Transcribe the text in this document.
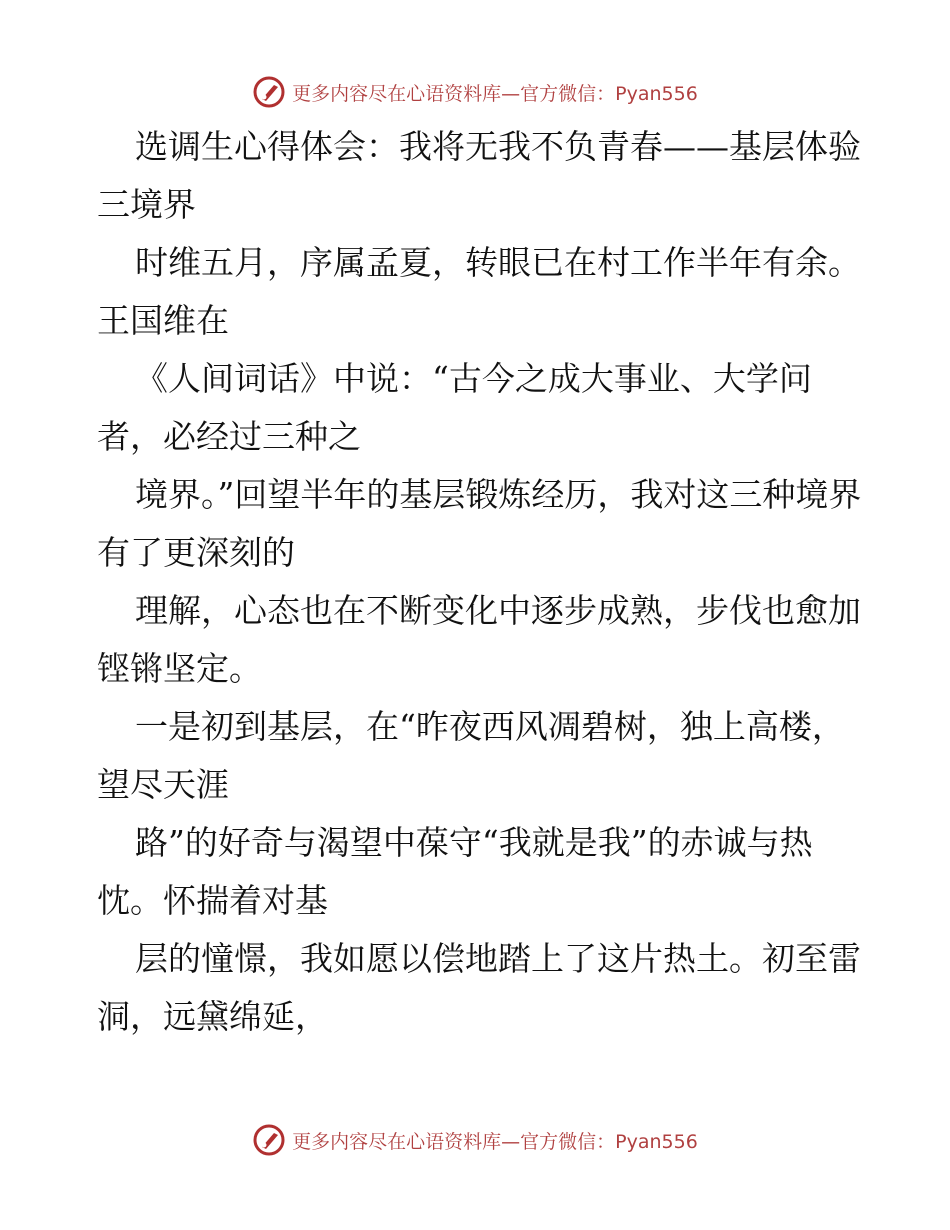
更多内容尽在心语资料库—官方微信：Pyan556

选调生心得体会：我将无我不负青春——基层体验三境界

时维五月，序属孟夏，转眼已在村工作半年有余。王国维在

《人间词话》中说：“古今之成大事业、大学问者，必经过三种之

境界。”回望半年的基层锻炼经历，我对这三种境界有了更深刻的

理解，心态也在不断变化中逐步成熟，步伐也愈加铿锵坚定。

一是初到基层，在“昨夜西风凋碧树，独上高楼，望尽天涯

路”的好奇与渴望中葆守“我就是我”的赤诚与热忱。怀揣着对基

层的憧憬，我如愿以偿地踏上了这片热土。初至雷洞，远黛绵延，

更多内容尽在心语资料库—官方微信：Pyan556
